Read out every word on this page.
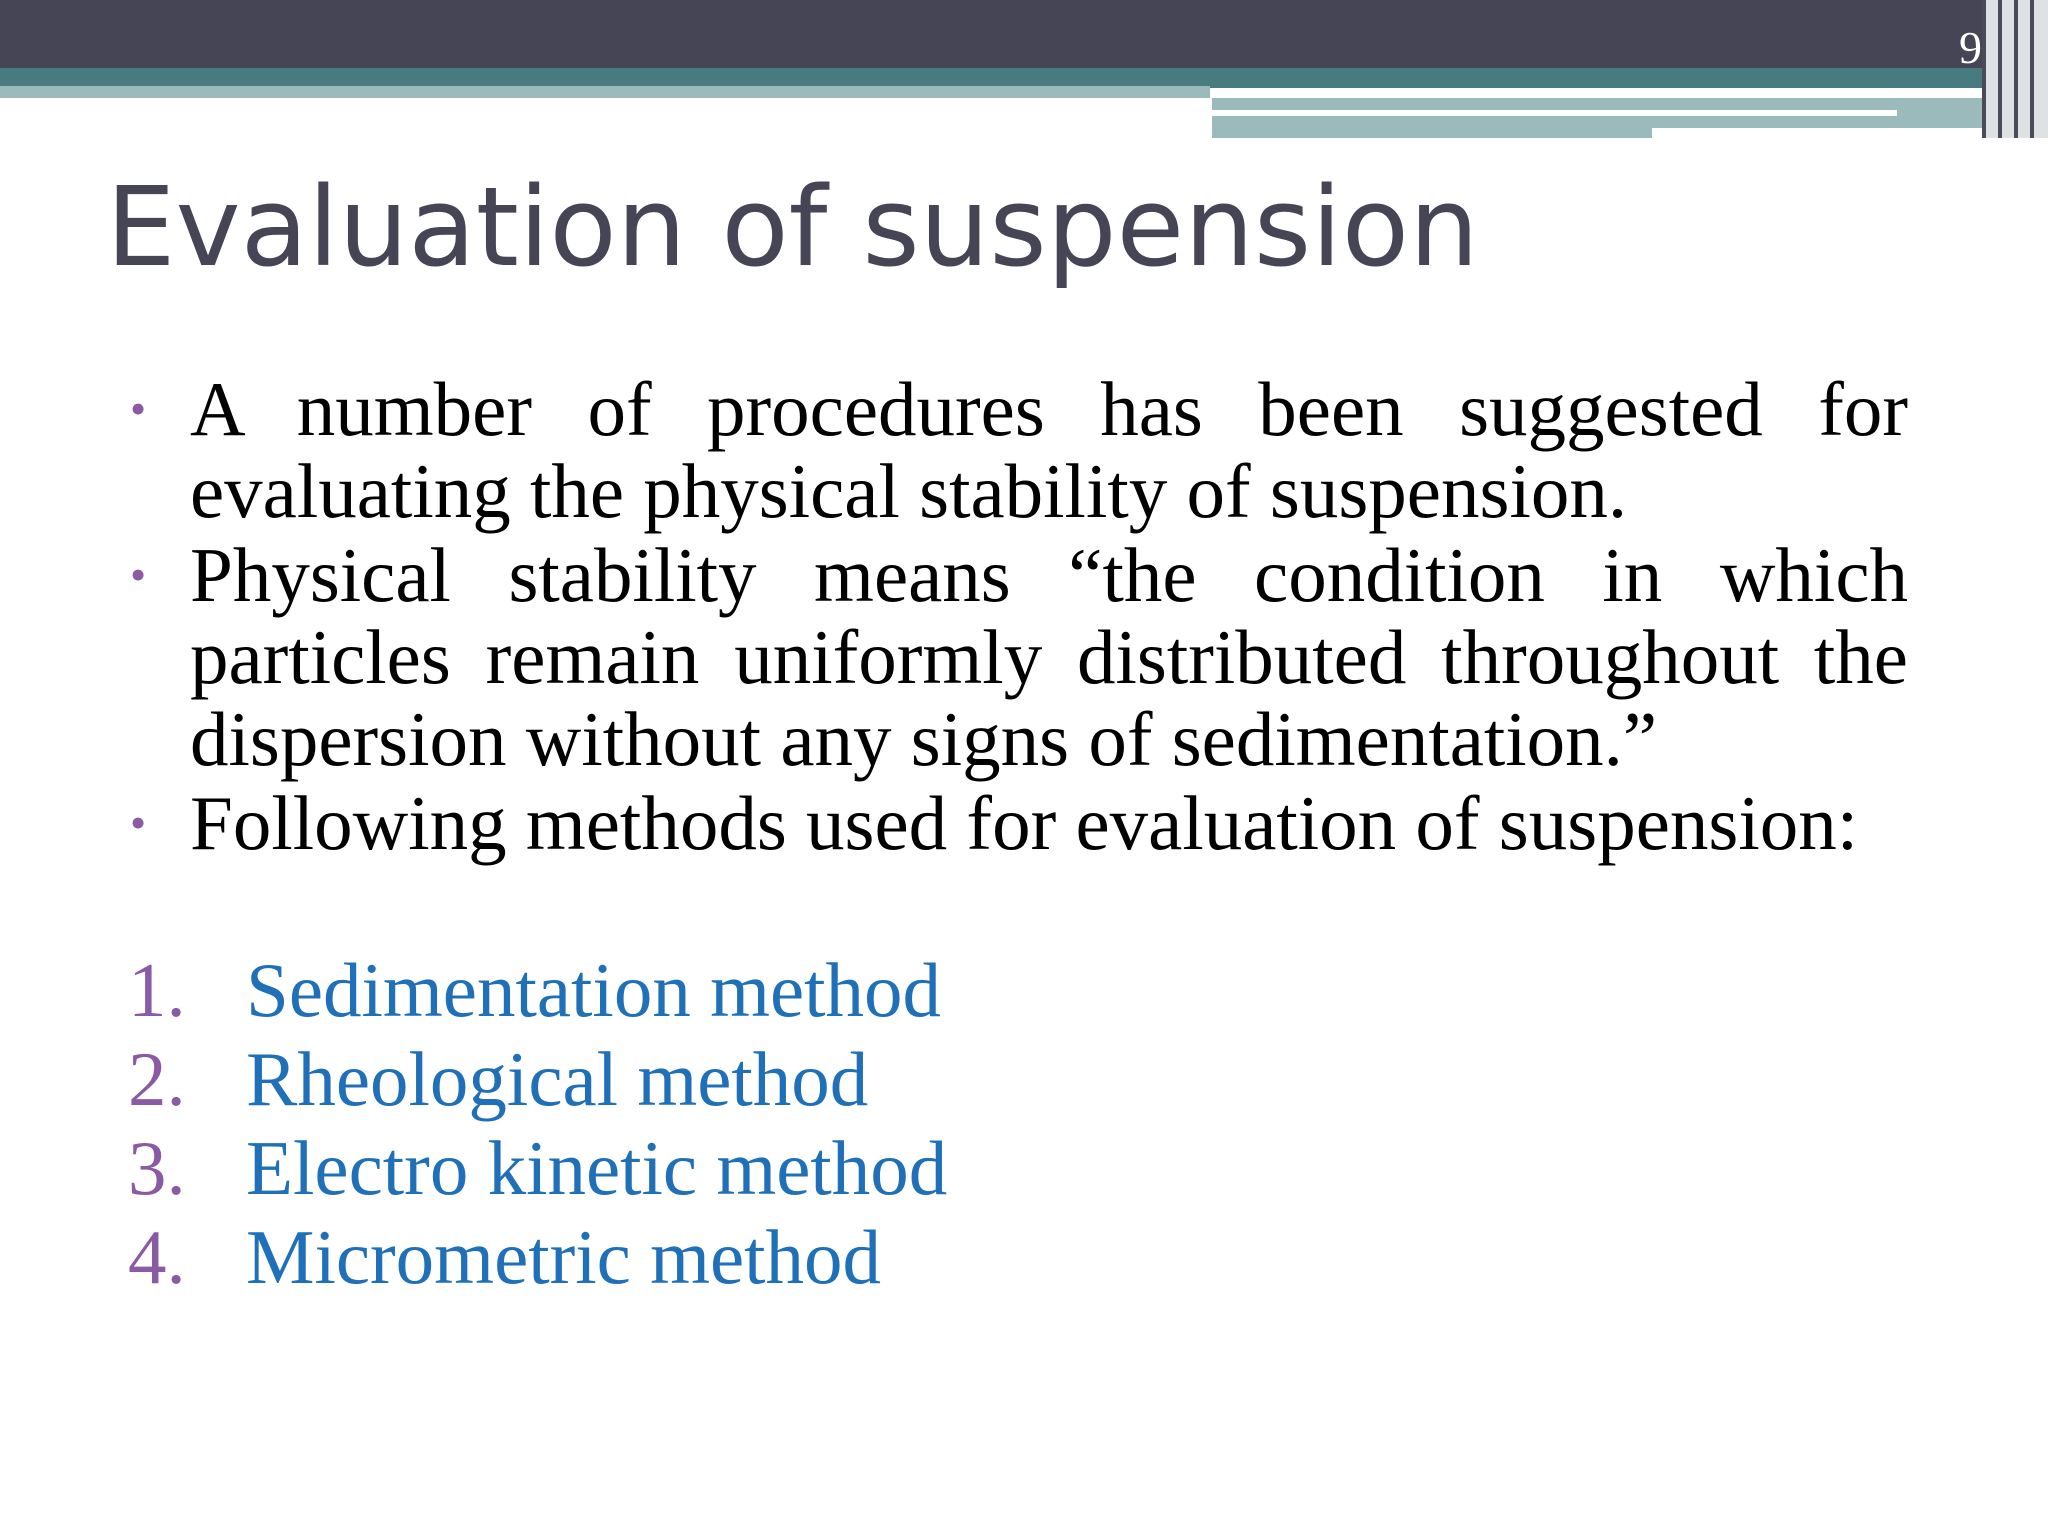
9
Evaluation of suspension
• A number of procedures has been suggested for evaluating the physical stability of suspension.
• Physical stability means “the condition in which particles remain uniformly distributed throughout the dispersion without any signs of sedimentation.”
• Following methods used for evaluation of suspension:
1. Sedimentation method
2. Rheological method
3. Electro kinetic method
4. Micrometric method
